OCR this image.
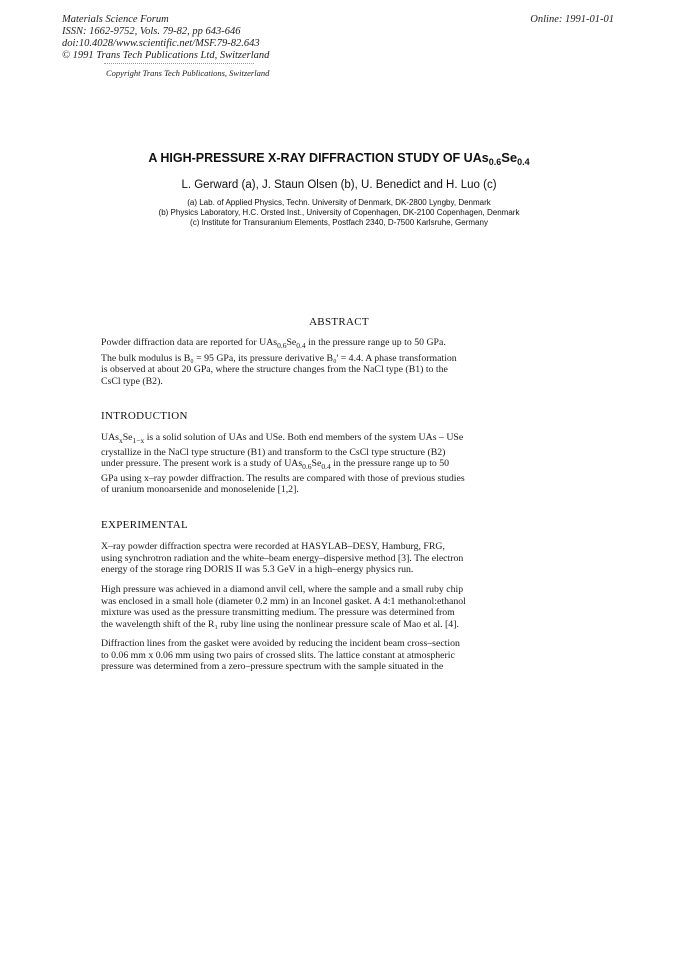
Materials Science Forum
ISSN: 1662-9752, Vols. 79-82, pp 643-646
doi:10.4028/www.scientific.net/MSF.79-82.643
© 1991 Trans Tech Publications Ltd, Switzerland
Online: 1991-01-01
Copyright Trans Tech Publications, Switzerland
A HIGH-PRESSURE X-RAY DIFFRACTION STUDY OF $UAs_{0.6}Se_{0.4}$
L. Gerward (a), J. Staun Olsen (b), U. Benedict and H. Luo (c)
(a) Lab. of Applied Physics, Techn. University of Denmark, DK-2800 Lyngby, Denmark
(b) Physics Laboratory, H.C. Orsted Inst., University of Copenhagen, DK-2100 Copenhagen, Denmark
(c) Institute for Transuranium Elements, Postfach 2340, D-7500 Karlsruhe, Germany
ABSTRACT
Powder diffraction data are reported for $UAs_{0.6}Se_{0.4}$ in the pressure range up to 50 GPa.
The bulk modulus is B₀ = 95 GPa, its pressure derivative B₀' = 4.4. A phase transformation
is observed at about 20 GPa, where the structure changes from the NaCl type (B1) to the
CsCl type (B2).
INTRODUCTION
$UAs_xSe_{1-x}$ is a solid solution of UAs and USe. Both end members of the system UAs – USe
crystallize in the NaCl type structure (B1) and transform to the CsCl type structure (B2)
under pressure. The present work is a study of $UAs_{0.6}Se_{0.4}$ in the pressure range up to 50
GPa using x–ray powder diffraction. The results are compared with those of previous studies
of uranium monoarsenide and monoselenide [1,2].
EXPERIMENTAL
X–ray powder diffraction spectra were recorded at HASYLAB–DESY, Hamburg, FRG,
using synchrotron radiation and the white–beam energy–dispersive method [3]. The electron
energy of the storage ring DORIS II was 5.3 GeV in a high–energy physics run.
High pressure was achieved in a diamond anvil cell, where the sample and a small ruby chip
was enclosed in a small hole (diameter 0.2 mm) in an Inconel gasket. A 4:1 methanol:ethanol
mixture was used as the pressure transmitting medium. The pressure was determined from
the wavelength shift of the R₁ ruby line using the nonlinear pressure scale of Mao et al. [4].
Diffraction lines from the gasket were avoided by reducing the incident beam cross–section
to 0.06 mm x 0.06 mm using two pairs of crossed slits. The lattice constant at atmospheric
pressure was determined from a zero–pressure spectrum with the sample situated in the
